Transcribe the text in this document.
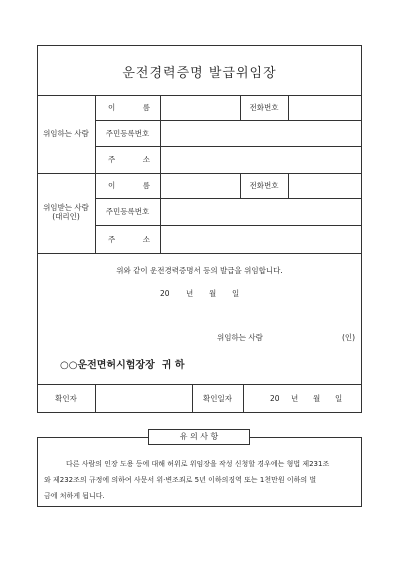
운전경력증명 발급위임장
위임하는 사람
이	름	전화번호
주민등록번호
주	소
위임받는 사람
(대리인)
이	름	전화번호
주민등록번호
주	소
위와 같이 운전경력증명서 등의 발급을 위임합니다.
20 년 월 일
위임하는 사람	(인)
○○운전면허시험장장  귀 하
확인자	확인일자	20 년 월 일
유 의 사 항
다른 사람의 인장 도용 등에 대해 허위로 위임장을 작성 신청할 경우에는 형법 제231조
와 제232조의 규정에 의하여 사문서 위·변조죄로 5년 이하의징역 또는 1천만원 이하의 벌
금에 처하게 됩니다.
